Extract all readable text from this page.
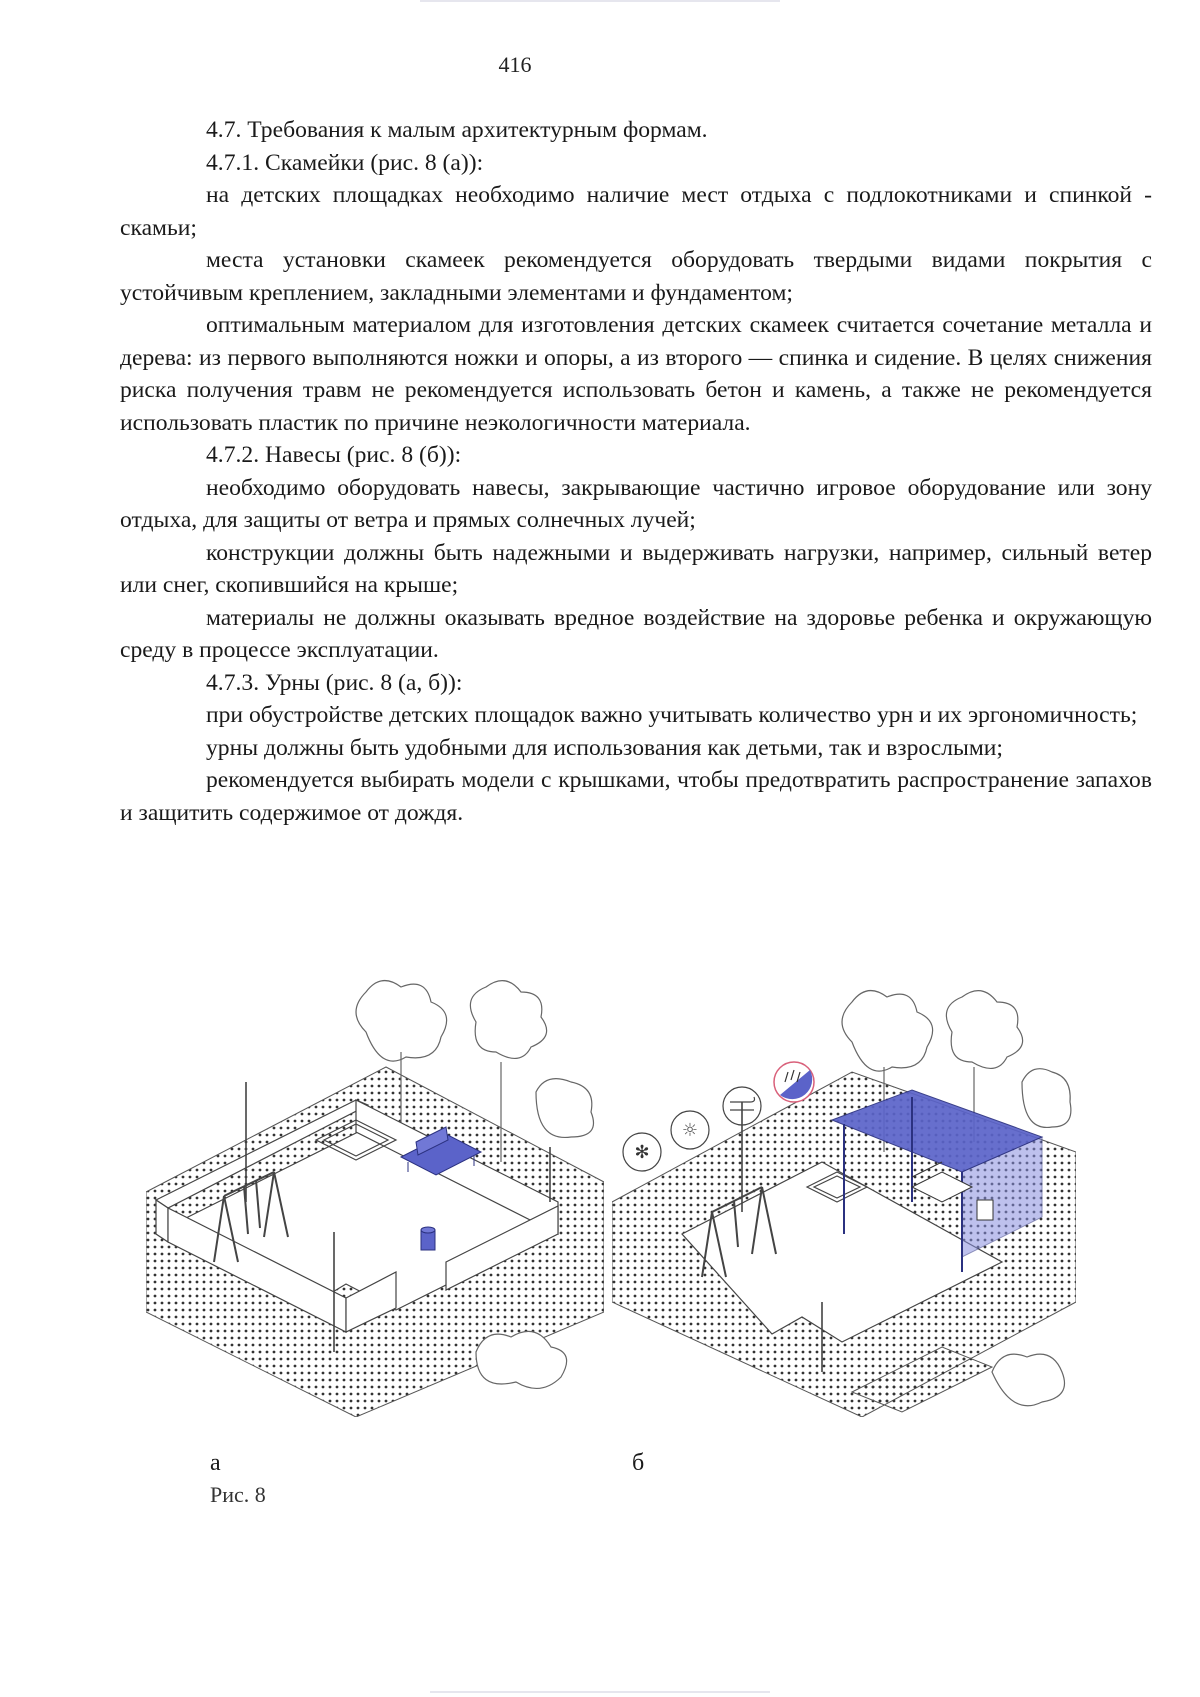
416

4.7. Требования к малым архитектурным формам.

4.7.1. Скамейки (рис. 8 (а)):

на детских площадках необходимо наличие мест отдыха с подлокотниками и спинкой - скамьи;

места установки скамеек рекомендуется оборудовать твердыми видами покрытия с устойчивым креплением, закладными элементами и фундаментом;

оптимальным материалом для изготовления детских скамеек считается сочетание металла и дерева: из первого выполняются ножки и опоры, а из второго — спинка и сидение. В целях снижения риска получения травм не рекомендуется использовать бетон и камень, а также не рекомендуется использовать пластик по причине неэкологичности материала.

4.7.2. Навесы (рис. 8 (б)):

необходимо оборудовать навесы, закрывающие частично игровое оборудование или зону отдыха, для защиты от ветра и прямых солнечных лучей;

конструкции должны быть надежными и выдерживать нагрузки, например, сильный ветер или снег, скопившийся на крыше;

материалы не должны оказывать вредное воздействие на здоровье ребенка и окружающую среду в процессе эксплуатации.

4.7.3. Урны (рис. 8 (а, б)):

при обустройстве детских площадок важно учитывать количество урн и их эргономичность;

урны должны быть удобными для использования как детьми, так и взрослыми;

рекомендуется выбирать модели с крышками, чтобы предотвратить распространение запахов и защитить содержимое от дождя.

✻
☼
а	б
Рис. 8
